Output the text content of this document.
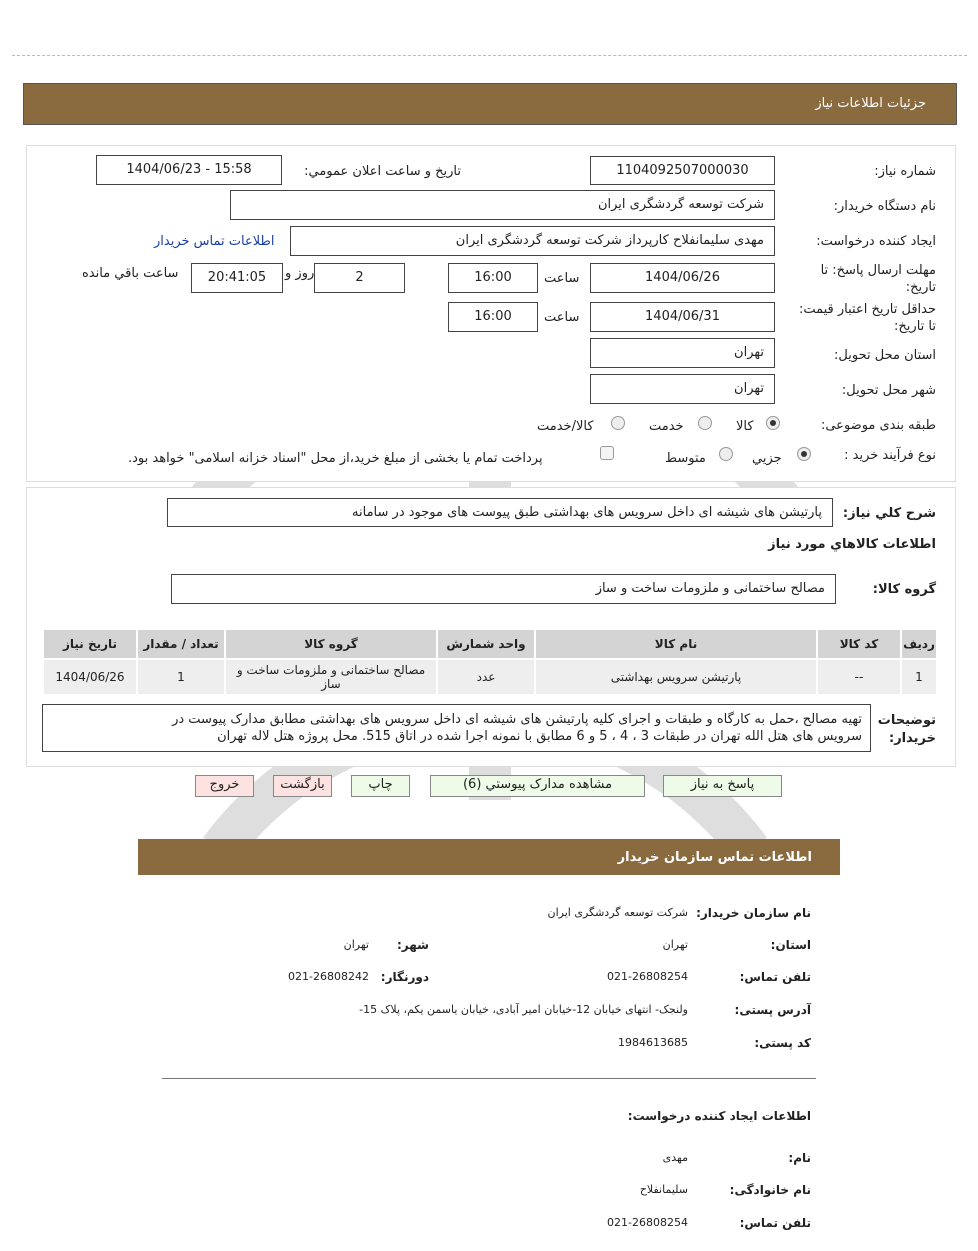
جزئیات اطلاعات نیاز
شماره نیاز:
1104092507000030
تاریخ و ساعت اعلان عمومي:
1404/06/23 - 15:58
نام دستگاه خریدار:
شرکت توسعه گردشگری ایران
ایجاد کننده درخواست:
مهدی سلیمانفلاح کارپرداز شرکت توسعه گردشگری ایران
اطلاعات تماس خریدار
مهلت ارسال پاسخ: تا
تاریخ:
1404/06/26
ساعت
16:00
2
روز و
20:41:05
ساعت باقي مانده
حداقل تاریخ اعتبار قیمت:
تا تاریخ:
1404/06/31
ساعت
16:00
استان محل تحویل:
تهران
شهر محل تحویل:
تهران
طبقه بندی موضوعی:
کالا
خدمت
کالا/خدمت
نوع فرآیند خرید :
جزیي
متوسط
پرداخت تمام یا بخشی از مبلغ خرید،از محل "اسناد خزانه اسلامی" خواهد بود.
شرح کلي نیاز:
پارتیشن های شیشه ای داخل سرویس های بهداشتی طبق پیوست های موجود در سامانه
اطلاعات کالاهاي مورد نیاز
گروه کالا:
مصالح ساختمانی و ملزومات ساخت و ساز
ردیف	کد کالا	نام کالا	واحد شمارش	گروه کالا	تعداد / مقدار	تاریخ نیاز
1	--	پارتیشن سرویس بهداشتی	عدد	مصالح ساختمانی و ملزومات ساخت و ساز	1	1404/06/26
توضیحات
خریدار:
تهیه مصالح ،حمل به کارگاه و طبقات و اجرای کلیه پارتیشن های شیشه ای داخل سرویس های بهداشتی مطابق مدارک پیوست در
سرویس های هتل الله تهران در طبقات 3 ، 4 ، 5 و 6 مطابق با نمونه اجرا شده در اتاق 515. محل پروژه هتل لاله تهران
پاسخ به نیاز
مشاهده مدارک پیوستي (6)
چاپ
بازگشت
خروج
اطلاعات تماس سازمان خریدار
نام سازمان خریدار:
شرکت توسعه گردشگری ایران
استان:
تهران
شهر:
تهران
تلفن تماس:
021-26808254
دورنگار:
021-26808242
آدرس پستی:
ولنجک- انتهای خیابان 12-خیابان امیر آبادی، خیابان یاسمن یکم، پلاک 15-
کد پستی:
1984613685
اطلاعات ایجاد کننده درخواست:
نام:
مهدی
نام خانوادگی:
سلیمانفلاح
تلفن تماس:
021-26808254
